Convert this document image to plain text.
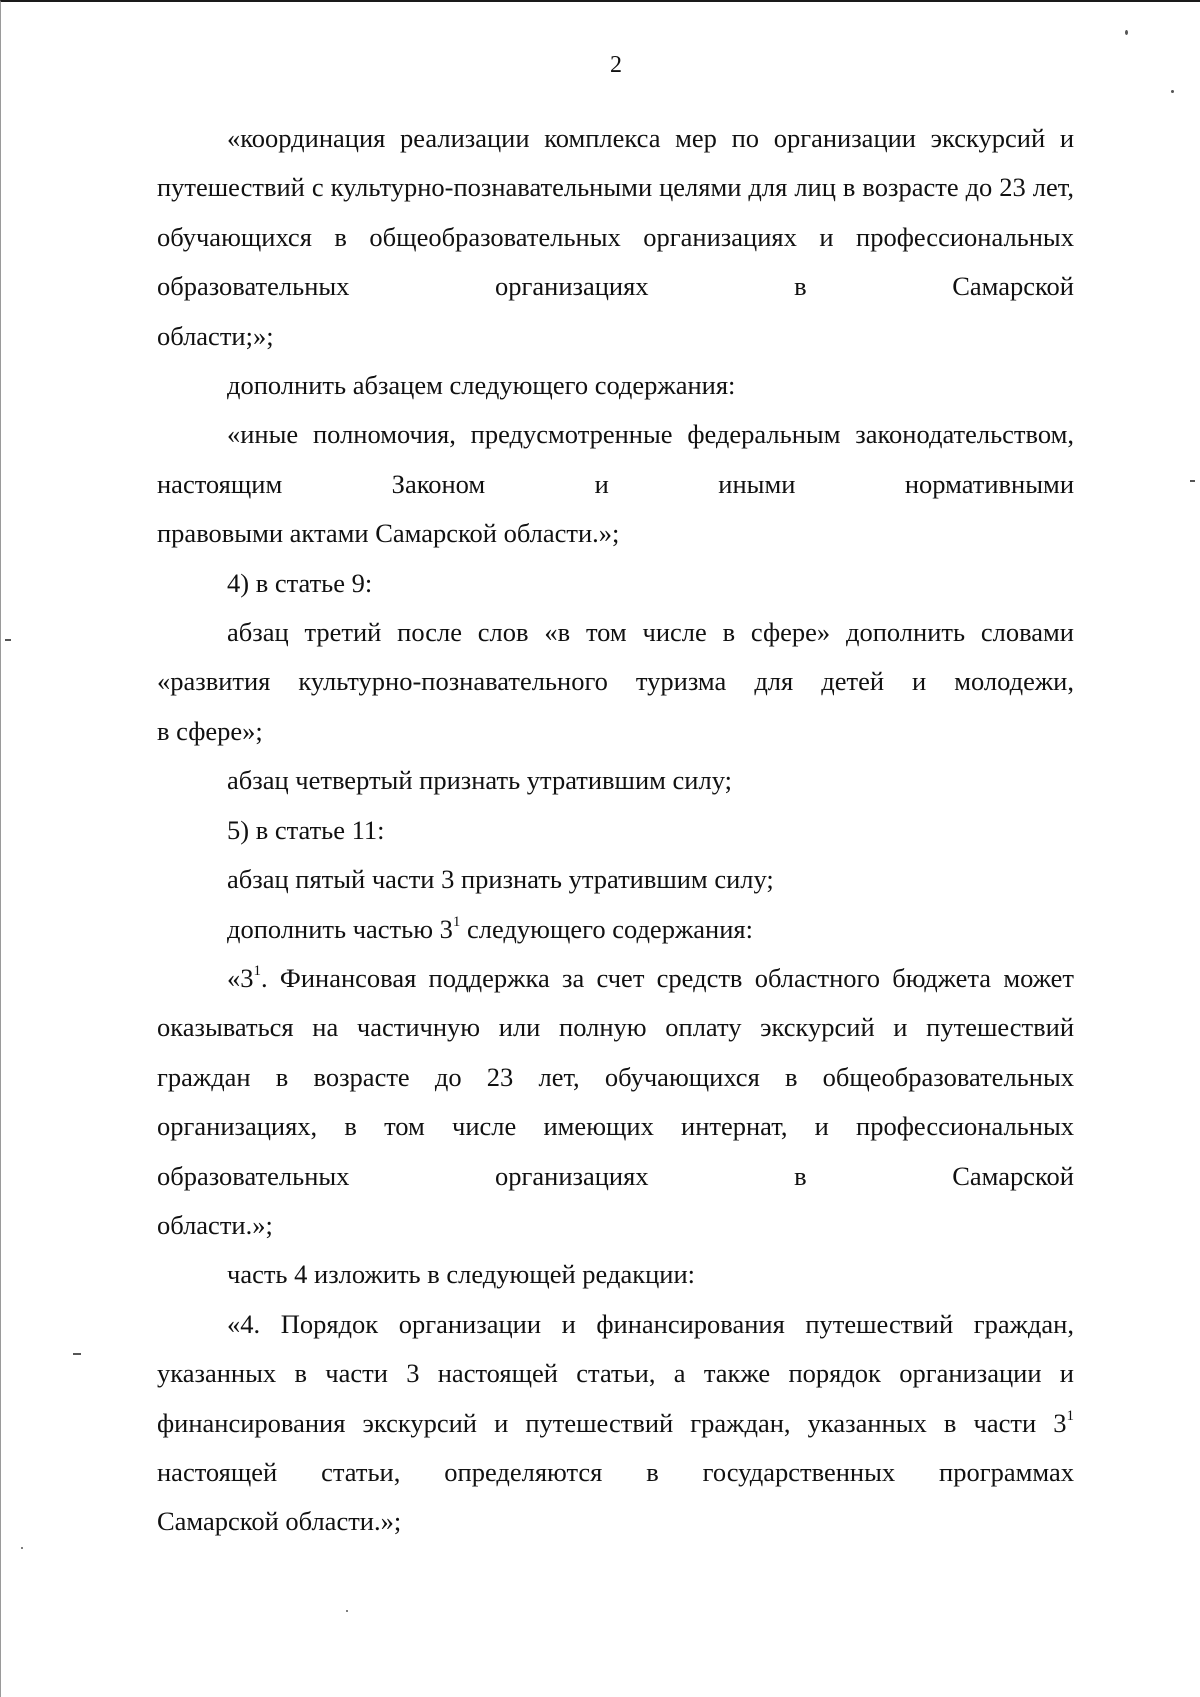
2

«координация реализации комплекса мер по организации экскурсий и путешествий с культурно-познавательными целями для лиц в возрасте до 23 лет, обучающихся в общеобразовательных организациях и профессиональных образовательных организациях в Самарской

области;»;

дополнить абзацем следующего содержания:

«иные полномочия, предусмотренные федеральным законодательством, настоящим Законом и иными нормативными

правовыми актами Самарской области.»;

4) в статье 9:

абзац третий после слов «в том числе в сфере» дополнить словами «развития культурно-познавательного туризма для детей и молодежи,

в сфере»;

абзац четвертый признать утратившим силу;

5) в статье 11:

абзац пятый части 3 признать утратившим силу;

дополнить частью $3^1$ следующего содержания:

«$3^1$. Финансовая поддержка за счет средств областного бюджета может оказываться на частичную или полную оплату экскурсий и путешествий граждан в возрасте до 23 лет, обучающихся в общеобразовательных организациях, в том числе имеющих интернат, и профессиональных образовательных организациях в Самарской

области.»;

часть 4 изложить в следующей редакции:

«4. Порядок организации и финансирования путешествий граждан, указанных в части 3 настоящей статьи, а также порядок организации и финансирования экскурсий и путешествий граждан, указанных в части $3^1$ настоящей статьи, определяются в государственных программах

Самарской области.»;
